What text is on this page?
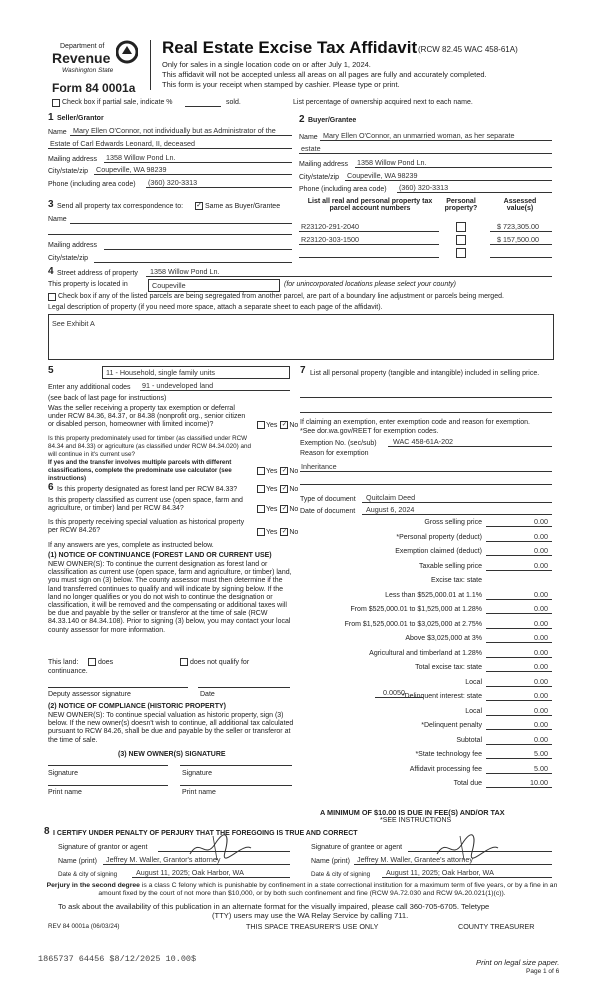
Department of
Revenue
Washington State
Form 84 0001a
Real Estate Excise Tax Affidavit (RCW 82.45 WAC 458-61A)
Only for sales in a single location code on or after July 1, 2024.
This affidavit will not be accepted unless all areas on all pages are fully and accurately completed.
This form is your receipt when stamped by cashier. Please type or print.
Check box if partial sale, indicate %	sold.	List percentage of ownership acquired next to each name.
1 Seller/Grantor
Name Mary Ellen O'Connor, not individually but as Administrator of the
Estate of Carl Edwards Leonard, II, deceased
Mailing address 1358 Willow Pond Ln.
City/state/zip Coupeville, WA 98239
Phone (including area code) (360) 320-3313
2 Buyer/Grantee
Name Mary Ellen O'Connor, an unmarried woman, as her separate
estate
Mailing address 1358 Willow Pond Ln.
City/state/zip Coupeville, WA 98239
Phone (including area code) (360) 320-3313
3 Send all property tax correspondence to: ✓ Same as Buyer/Grantee
Name
Mailing address
City/state/zip
List all real and personal property tax parcel account numbers
Personal property?
Assessed value(s)
R23120-291-2040	$ 723,305.00
R23120-303-1500	$ 157,500.00
4 Street address of property 1358 Willow Pond Ln.
This property is located in	Coupeville	(for unincorporated locations please select your county)
Check box if any of the listed parcels are being segregated from another parcel, are part of a boundary line adjustment or parcels being merged.
Legal description of property (if you need more space, attach a separate sheet to each page of the affidavit).
See Exhibit A
5	11 - Household, single family units
Enter any additional codes 91 - undeveloped land
(see back of last page for instructions)
Was the seller receiving a property tax exemption or deferral under RCW 84.36, 84.37, or 84.38 (nonprofit org., senior citizen or disabled person, homeowner with limited income)?	Yes ✓ No
Is this property predominately used for timber (as classified under RCW 84.34 and 84.33) or agriculture (as classified under RCW 84.34.020) and will continue in it's current use?
If yes and the transfer involves multiple parcels with different classifications, complete the predominate use calculator (see instructions)
Yes ✓ No
6 Is this property designated as forest land per RCW 84.33?	Yes ✓ No
Is this property classified as current use (open space, farm and agriculture, or timber) land per RCW 84.34?	Yes ✓ No
Is this property receiving special valuation as historical property per RCW 84.26?	Yes ✓ No
If any answers are yes, complete as instructed below.
(1) NOTICE OF CONTINUANCE (FOREST LAND OR CURRENT USE)
NEW OWNER(S): To continue the current designation as forest land or classification as current use (open space, farm and agriculture, or timber) land, you must sign on (3) below. The county assessor must then determine if the land transferred continues to qualify and will indicate by signing below. If the land no longer qualifies or you do not wish to continue the designation or classification, it will be removed and the compensating or additional taxes will be due and payable by the seller or transferor at the time of sale (RCW 84.33.140 or 84.34.108). Prior to signing (3) below, you may contact your local county assessor for more information.
This land:	does	does not qualify for
continuance.
Deputy assessor signature	Date
(2) NOTICE OF COMPLIANCE (HISTORIC PROPERTY)
NEW OWNER(S): To continue special valuation as historic property, sign (3) below. If the new owner(s) doesn't wish to continue, all additional tax calculated pursuant to RCW 84.26, shall be due and payable by the seller or transferor at the time of sale.
(3) NEW OWNER(S) SIGNATURE
Signature	Signature
Print name	Print name
7 List all personal property (tangible and intangible) included in selling price.
If claiming an exemption, enter exemption code and reason for exemption. *See dor.wa.gov/REET for exemption codes.
Exemption No. (sec/sub) WAC 458-61A-202
Reason for exemption
Inheritance
Type of document Quitclaim Deed
Date of document August 6, 2024
Gross selling price	0.00
*Personal property (deduct)	0.00
Exemption claimed (deduct)	0.00
Taxable selling price	0.00
Excise tax: state
Less than $525,000.01 at 1.1%	0.00
From $525,000.01 to $1,525,000 at 1.28%	0.00
From $1,525,000.01 to $3,025,000 at 2.75%	0.00
Above $3,025,000 at 3%	0.00
Agricultural and timberland at 1.28%	0.00
Total excise tax: state	0.00
Local	0.00
*Delinquent interest: state	0.00
Local	0.00
*Delinquent penalty	0.00
Subtotal	0.00
*State technology fee	5.00
Affidavit processing fee	5.00
Total due	10.00
0.0050
A MINIMUM OF $10.00 IS DUE IN FEE(S) AND/OR TAX
*SEE INSTRUCTIONS
8 I CERTIFY UNDER PENALTY OF PERJURY THAT THE FOREGOING IS TRUE AND CORRECT
Signature of grantor or agent	Signature of grantee or agent
Name (print) Jeffrey M. Waller, Grantor's attorney	Name (print) Jeffrey M. Waller, Grantee's attorney
Date & city of signing	August 11, 2025; Oak Harbor, WA	Date & city of signing August 11, 2025; Oak Harbor, WA
Perjury in the second degree is a class C felony which is punishable by confinement in a state correctional institution for a maximum term of five years, or by a fine in an amount fixed by the court of not more than $10,000, or by both such confinement and fine (RCW 9A.72.030 and RCW 9A.20.021(1)(c)).
To ask about the availability of this publication in an alternate format for the visually impaired, please call 360-705-6705. Teletype
(TTY) users may use the WA Relay Service by calling 711.
REV 84 0001a (06/03/24)	THIS SPACE TREASURER'S USE ONLY	COUNTY TREASURER
1865737 64456 $8/12/2025 10.00$	Print on legal size paper.
Page 1 of 6
